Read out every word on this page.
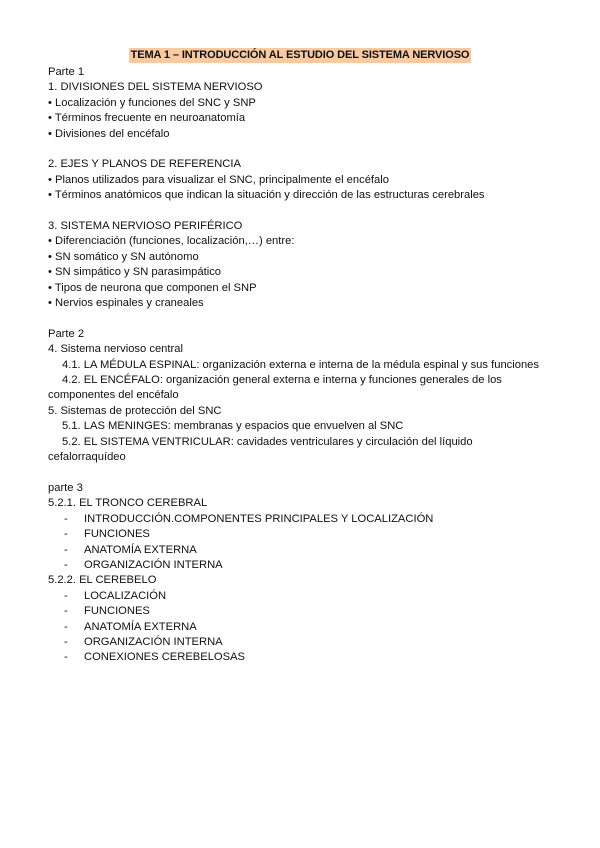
TEMA 1 – INTRODUCCIÓN AL ESTUDIO DEL SISTEMA NERVIOSO
Parte 1
1. DIVISIONES DEL SISTEMA NERVIOSO
• Localización y funciones del SNC y SNP
• Términos frecuente en neuroanatomía
• Divisiones del encéfalo
2. EJES Y PLANOS DE REFERENCIA
• Planos utilizados para visualizar el SNC, principalmente el encéfalo
• Términos anatómicos que indican la situación y dirección de las estructuras cerebrales
3. SISTEMA NERVIOSO PERIFÉRICO
• Diferenciación (funciones, localización,…) entre:
• SN somático y SN autónomo
• SN simpático y SN parasimpático
• Tipos de neurona que componen el SNP
• Nervios espinales y craneales
Parte 2
4. Sistema nervioso central
4.1. LA MÉDULA ESPINAL: organización externa e interna de la médula espinal y sus funciones
4.2. EL ENCÉFALO: organización general externa e interna y funciones generales de los componentes del encéfalo
5. Sistemas de protección del SNC
5.1. LAS MENINGES: membranas y espacios que envuelven al SNC
5.2. EL SISTEMA VENTRICULAR: cavidades ventriculares y circulación del líquido cefalorraquídeo
parte 3
5.2.1. EL TRONCO CEREBRAL
- INTRODUCCIÓN.COMPONENTES PRINCIPALES Y LOCALIZACIÓN
- FUNCIONES
- ANATOMÍA EXTERNA
- ORGANIZACIÓN INTERNA
5.2.2. EL CEREBELO
- LOCALIZACIÓN
- FUNCIONES
- ANATOMÍA EXTERNA
- ORGANIZACIÓN INTERNA
- CONEXIONES CEREBELOSAS
